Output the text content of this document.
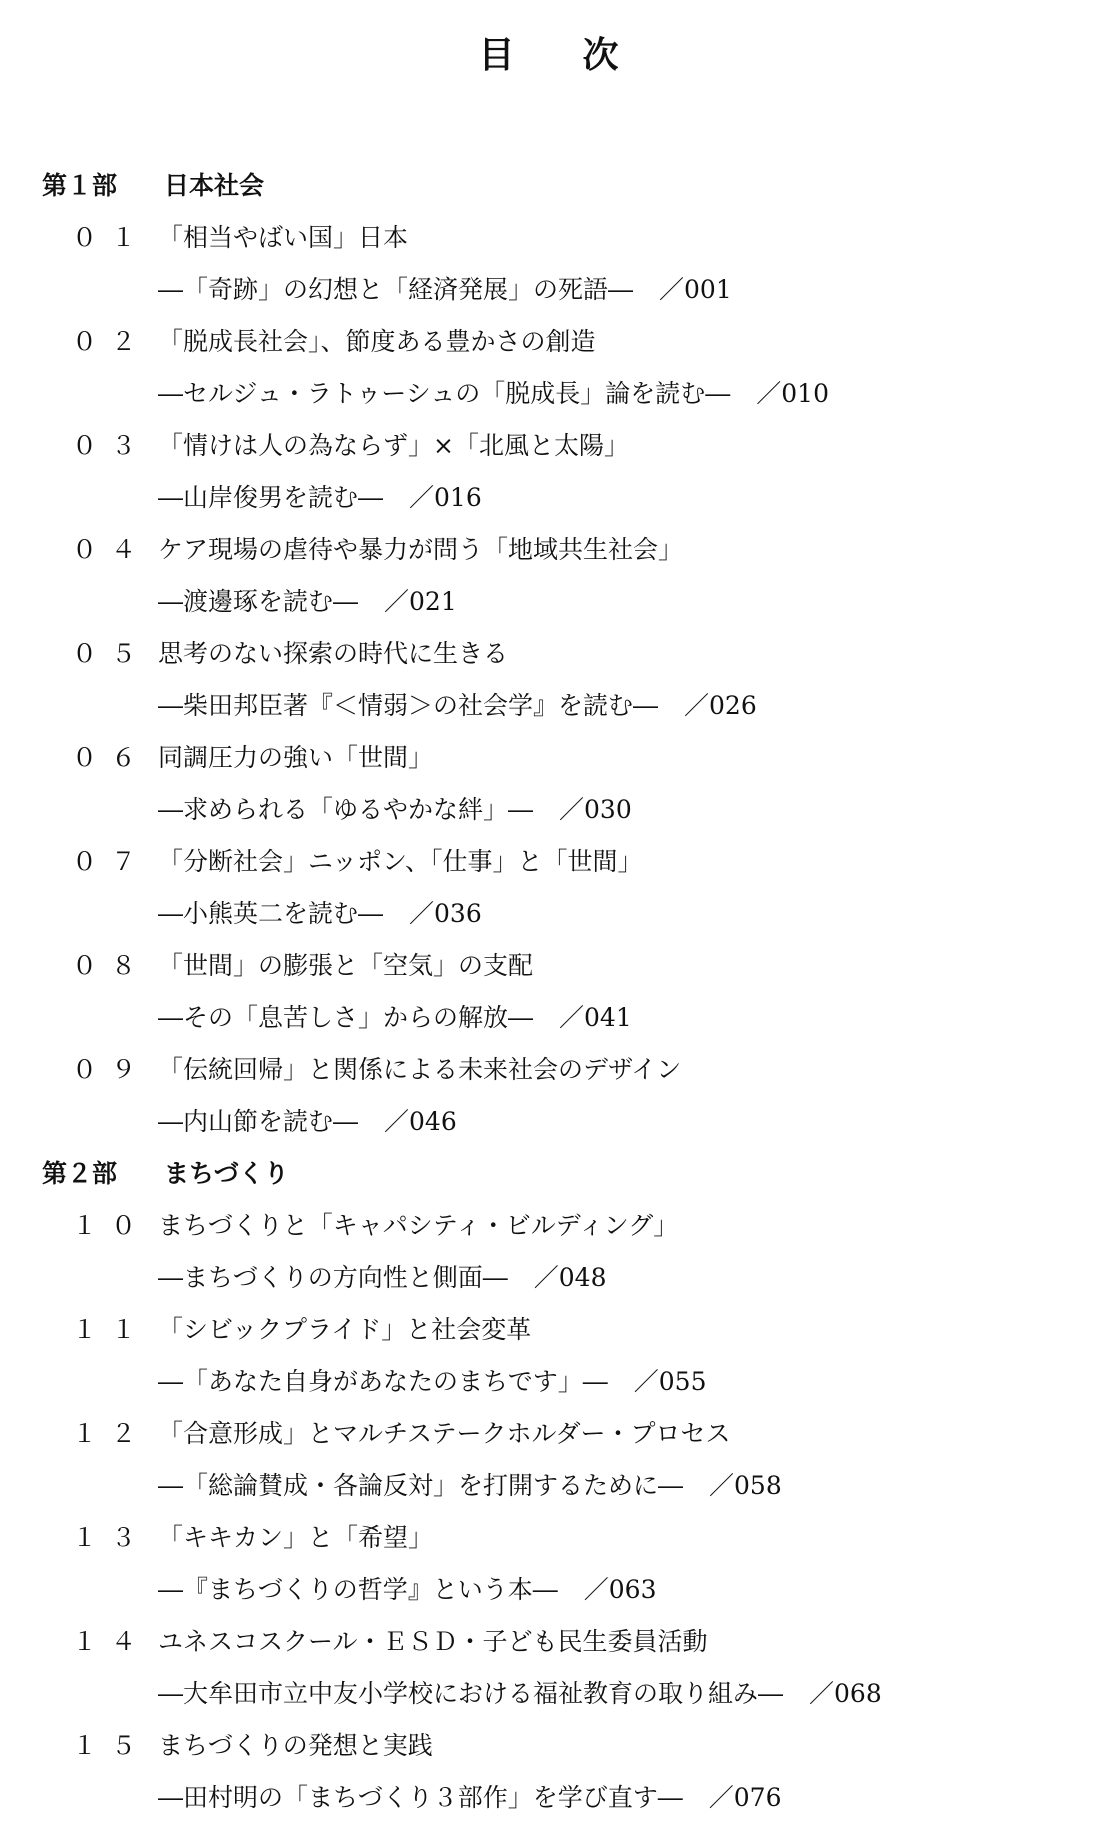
目 次
第１部 日本社会
０１ 「相当やばい国」日本
―「奇跡」の幻想と「経済発展」の死語― ／001
０２ 「脱成長社会」、節度ある豊かさの創造
―セルジュ・ラトゥーシュの「脱成長」論を読む― ／010
０３ 「情けは人の為ならず」×「北風と太陽」
―山岸俊男を読む― ／016
０４ ケア現場の虐待や暴力が問う「地域共生社会」
―渡邊琢を読む― ／021
０５ 思考のない探索の時代に生きる
―柴田邦臣著『＜情弱＞の社会学』を読む― ／026
０６ 同調圧力の強い「世間」
―求められる「ゆるやかな絆」― ／030
０７ 「分断社会」ニッポン、「仕事」と「世間」
―小熊英二を読む― ／036
０８ 「世間」の膨張と「空気」の支配
―その「息苦しさ」からの解放― ／041
０９ 「伝統回帰」と関係による未来社会のデザイン
―内山節を読む― ／046
第２部 まちづくり
１０ まちづくりと「キャパシティ・ビルディング」
―まちづくりの方向性と側面― ／048
１１ 「シビックプライド」と社会変革
―「あなた自身があなたのまちです」― ／055
１２ 「合意形成」とマルチステークホルダー・プロセス
―「総論賛成・各論反対」を打開するために― ／058
１３ 「キキカン」と「希望」
―『まちづくりの哲学』という本― ／063
１４ ユネスコスクール・ＥＳＤ・子ども民生委員活動
―大牟田市立中友小学校における福祉教育の取り組み― ／068
１５ まちづくりの発想と実践
―田村明の「まちづくり３部作」を学び直す― ／076
